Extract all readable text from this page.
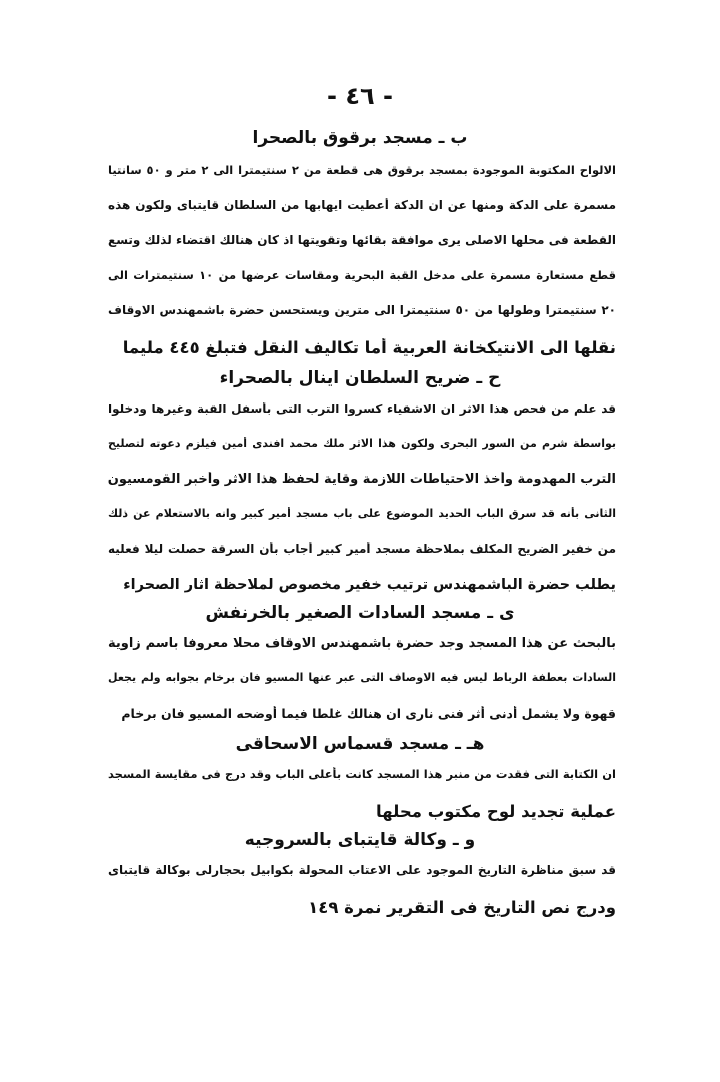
- ٤٦ -
ب ـ مسجد برقوق بالصحرا
الالواح المكتوبة الموجودة بمسجد برقوق هى قطعة من ٢ سنتيمترا الى ٢ متر و ٥٠ سانتيا
مسمرة على الدكة ومنها عن ان الدكة أعطيت ايهابها من السلطان قايتباى ولكون هذه
القطعة فى محلها الاصلى يرى موافقة بقائها وتقويتها اذ كان هنالك اقتضاء لذلك وتسع
قطع مستعارة مسمرة على مدخل القبة البحرية ومقاسات عرضها من ١٠ سنتيمترات الى
٢٠ سنتيمترا وطولها من ٥٠ سنتيمترا الى مترين ويستحسن حضرة باشمهندس الاوقاف
نقلها الى الانتيكخانة العربية أما تكاليف النقل فتبلغ ٤٤٥ مليما
ح ـ ضريح السلطان اينال بالصحراء
قد علم من فحص هذا الاثر ان الاشقياء كسروا الترب التى بأسفل القبة وغيرها ودخلوا
بواسطة شرم من السور البحرى ولكون هذا الاثر ملك محمد افندى أمين فيلزم دعوته لتصليح
الترب المهدومة وأخذ الاحتياطات اللازمة وقاية لحفظ هذا الاثر وأخبر القومسيون
الثانى بأنه قد سرق الباب الحديد الموضوع على باب مسجد أمير كبير وانه بالاستعلام عن ذلك
من خفير الضريح المكلف بملاحظة مسجد أمير كبير أجاب بأن السرقة حصلت ليلا فعليه
يطلب حضرة الباشمهندس ترتيب خفير مخصوص لملاحظة آثار الصحراء
ى ـ مسجد السادات الصغير بالخرنفش
بالبحث عن هذا المسجد وجد حضرة باشمهندس الاوقاف محلا معروفا باسم زاوية
السادات بعطفة الرباط ليس فيه الاوصاف التى عبر عنها المسيو فان برخام بجوابه ولم يجعل
قهوة ولا يشمل أدنى أثر فنى نارى ان هنالك غلطا فيما أوضحه المسيو فان برخام
هـ ـ مسجد قسماس الاسحاقى
ان الكتابة التى فقدت من منبر هذا المسجد كانت بأعلى الباب وقد درج فى مقايسة المسجد
عملية تجديد لوح مكتوب محلها
و ـ وكالة قايتباى بالسروجيه
قد سبق مناظرة التاريخ الموجود على الاعتاب المحولة بكوابيل بحجارلى بوكالة قايتباى
ودرج نص التاريخ فى التقرير نمرة ١٤٩
